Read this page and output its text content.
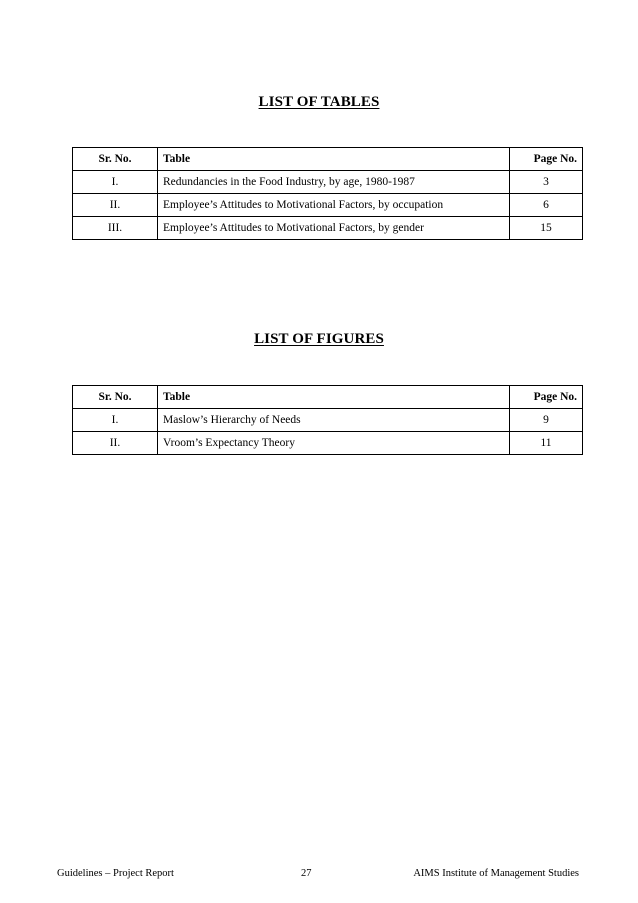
LIST OF TABLES
Sr. No.	Table	Page No.
I.	Redundancies in the Food Industry, by age, 1980-1987	3
II.	Employee’s Attitudes to Motivational Factors, by occupation	6
III.	Employee’s Attitudes to Motivational Factors, by gender	15
LIST OF FIGURES
Sr. No.	Table	Page No.
I.	Maslow’s Hierarchy of Needs	9
II.	Vroom’s Expectancy Theory	11
Guidelines – Project Report	27	AIMS Institute of Management Studies
